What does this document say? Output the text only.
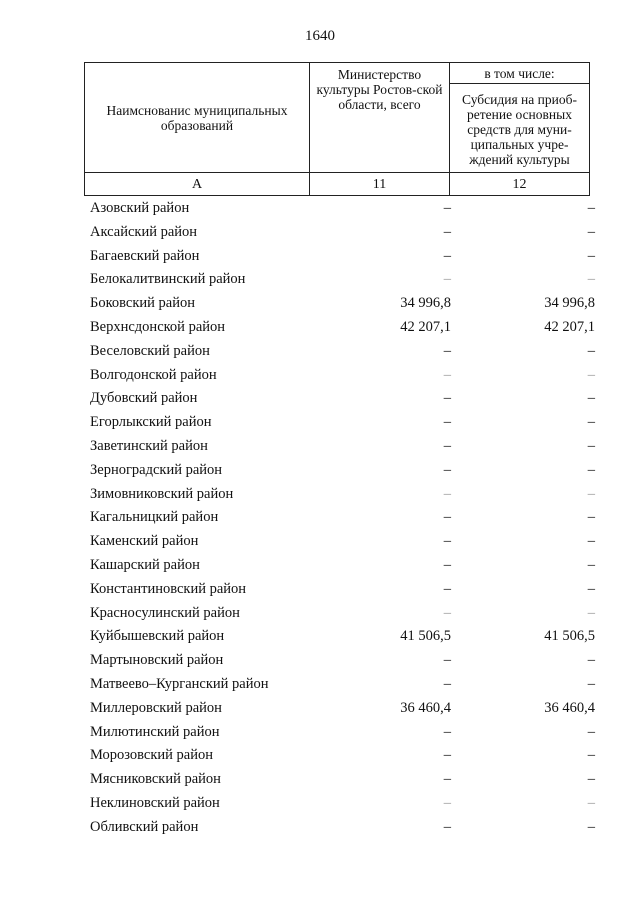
1640
Наимснованис муниципальных образований	Министерство культуры Ростов-ской области, всего	в том числе:
		Субсидия на приоб-ретение основных средств для муни-ципальных учре-ждений культуры
А	11	12
Азовский район	–	–
Аксайский район	–	–
Багаевский район	–	–
Белокалитвинский район	–	–
Боковский район	34 996,8	34 996,8
Верхнсдонской район	42 207,1	42 207,1
Веселовский район	–	–
Волгодонской район	–	–
Дубовский район	–	–
Егорлыкский район	–	–
Заветинский район	–	–
Зерноградский район	–	–
Зимовниковский район	–	–
Кагальницкий район	–	–
Каменский район	–	–
Кашарский район	–	–
Константиновский район	–	–
Красносулинский район	–	–
Куйбышевский район	41 506,5	41 506,5
Мартыновский район	–	–
Матвеево–Курганский район	–	–
Миллеровский район	36 460,4	36 460,4
Милютинский район	–	–
Морозовский район	–	–
Мясниковский район	–	–
Неклиновский район	–	–
Обливский район	–	–
